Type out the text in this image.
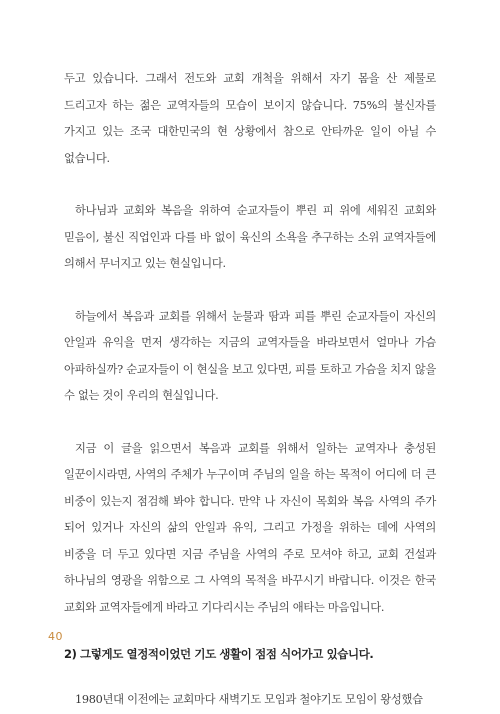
두고 있습니다. 그래서 전도와 교회 개척을 위해서 자기 몸을 산 제물로 드리고자 하는 젊은 교역자들의 모습이 보이지 않습니다. 75%의 불신자를 가지고 있는 조국 대한민국의 현 상황에서 참으로 안타까운 일이 아닐 수 없습니다.

하나님과 교회와 복음을 위하여 순교자들이 뿌린 피 위에 세워진 교회와 믿음이, 불신 직업인과 다를 바 없이 육신의 소욕을 추구하는 소위 교역자들에 의해서 무너지고 있는 현실입니다.

하늘에서 복음과 교회를 위해서 눈물과 땀과 피를 뿌린 순교자들이 자신의 안일과 유익을 먼저 생각하는 지금의 교역자들을 바라보면서 얼마나 가슴 아파하실까? 순교자들이 이 현실을 보고 있다면, 피를 토하고 가슴을 치지 않을 수 없는 것이 우리의 현실입니다.

지금 이 글을 읽으면서 복음과 교회를 위해서 일하는 교역자나 충성된 일꾼이시라면, 사역의 주체가 누구이며 주님의 일을 하는 목적이 어디에 더 큰 비중이 있는지 점검해 봐야 합니다. 만약 나 자신이 목회와 복음 사역의 주가 되어 있거나 자신의 삶의 안일과 유익, 그리고 가정을 위하는 데에 사역의 비중을 더 두고 있다면 지금 주님을 사역의 주로 모셔야 하고, 교회 건설과 하나님의 영광을 위함으로 그 사역의 목적을 바꾸시기 바랍니다. 이것은 한국 교회와 교역자들에게 바라고 기다리시는 주님의 애타는 마음입니다.

2) 그렇게도 열정적이었던 기도 생활이 점점 식어가고 있습니다.

1980년대 이전에는 교회마다 새벽기도 모임과 철야기도 모임이 왕성했습

40
